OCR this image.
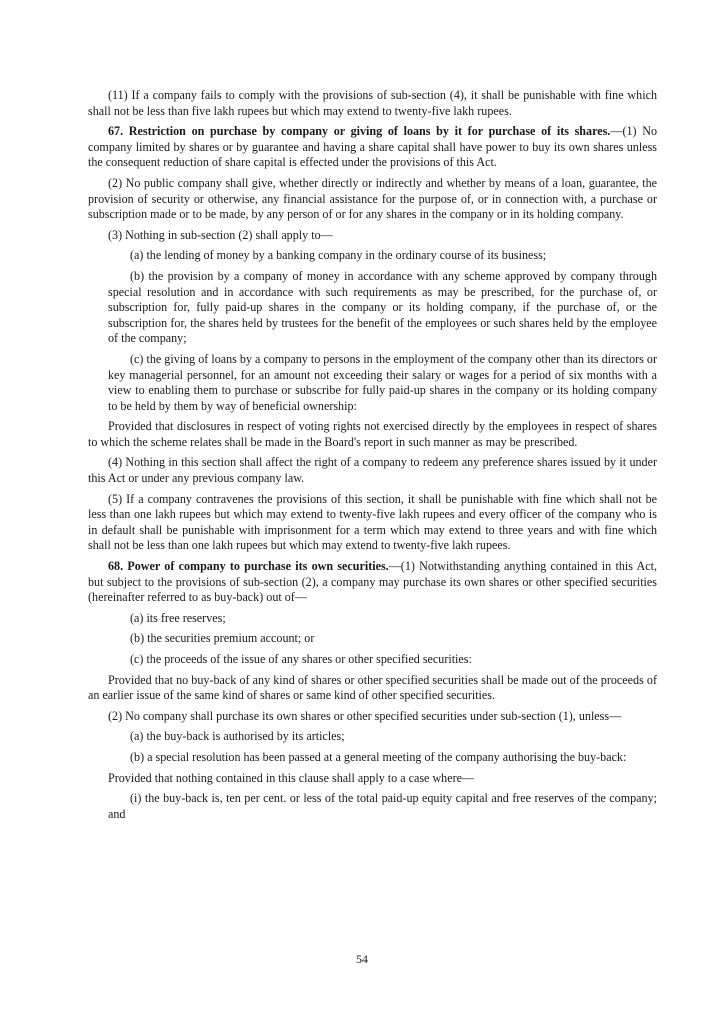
(11) If a company fails to comply with the provisions of sub-section (4), it shall be punishable with fine which shall not be less than five lakh rupees but which may extend to twenty-five lakh rupees.

67. Restriction on purchase by company or giving of loans by it for purchase of its shares.—(1) No company limited by shares or by guarantee and having a share capital shall have power to buy its own shares unless the consequent reduction of share capital is effected under the provisions of this Act.

(2) No public company shall give, whether directly or indirectly and whether by means of a loan, guarantee, the provision of security or otherwise, any financial assistance for the purpose of, or in connection with, a purchase or subscription made or to be made, by any person of or for any shares in the company or in its holding company.

(3) Nothing in sub-section (2) shall apply to—

(a) the lending of money by a banking company in the ordinary course of its business;

(b) the provision by a company of money in accordance with any scheme approved by company through special resolution and in accordance with such requirements as may be prescribed, for the purchase of, or subscription for, fully paid-up shares in the company or its holding company, if the purchase of, or the subscription for, the shares held by trustees for the benefit of the employees or such shares held by the employee of the company;

(c) the giving of loans by a company to persons in the employment of the company other than its directors or key managerial personnel, for an amount not exceeding their salary or wages for a period of six months with a view to enabling them to purchase or subscribe for fully paid-up shares in the company or its holding company to be held by them by way of beneficial ownership:

Provided that disclosures in respect of voting rights not exercised directly by the employees in respect of shares to which the scheme relates shall be made in the Board's report in such manner as may be prescribed.

(4) Nothing in this section shall affect the right of a company to redeem any preference shares issued by it under this Act or under any previous company law.

(5) If a company contravenes the provisions of this section, it shall be punishable with fine which shall not be less than one lakh rupees but which may extend to twenty-five lakh rupees and every officer of the company who is in default shall be punishable with imprisonment for a term which may extend to three years and with fine which shall not be less than one lakh rupees but which may extend to twenty-five lakh rupees.

68. Power of company to purchase its own securities.—(1) Notwithstanding anything contained in this Act, but subject to the provisions of sub-section (2), a company may purchase its own shares or other specified securities (hereinafter referred to as buy-back) out of—

(a) its free reserves;

(b) the securities premium account; or

(c) the proceeds of the issue of any shares or other specified securities:

Provided that no buy-back of any kind of shares or other specified securities shall be made out of the proceeds of an earlier issue of the same kind of shares or same kind of other specified securities.

(2) No company shall purchase its own shares or other specified securities under sub-section (1), unless—

(a) the buy-back is authorised by its articles;

(b) a special resolution has been passed at a general meeting of the company authorising the buy-back:

Provided that nothing contained in this clause shall apply to a case where—

(i) the buy-back is, ten per cent. or less of the total paid-up equity capital and free reserves of the company; and

54
